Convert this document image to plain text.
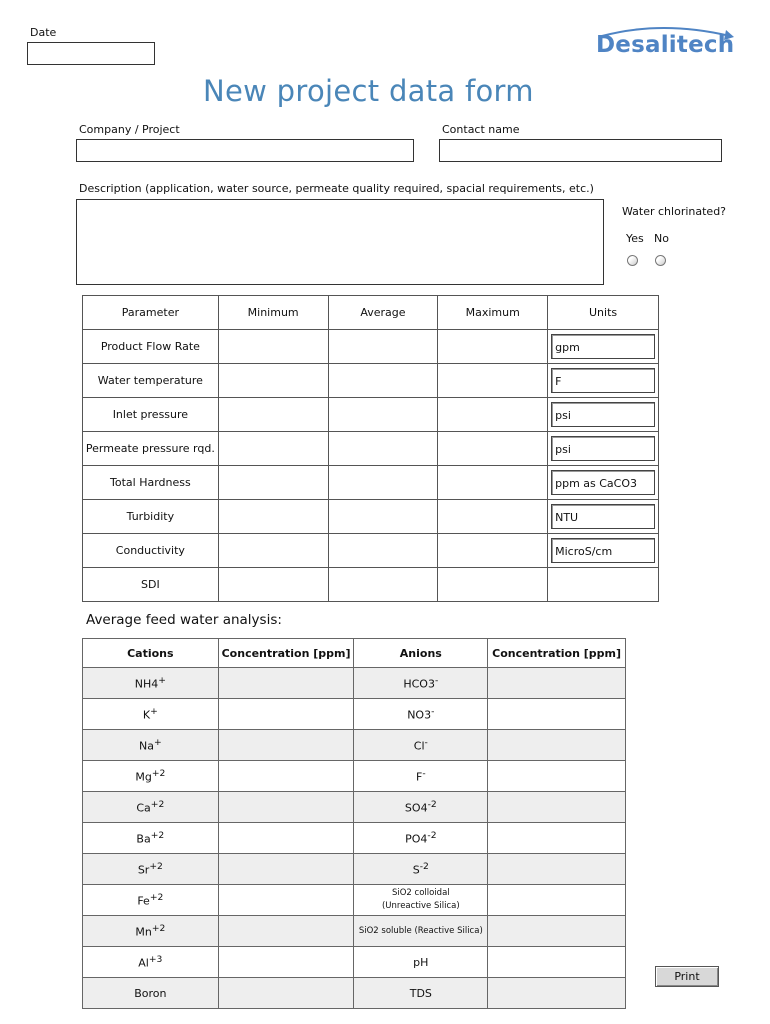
Date	Desalitech
New project data form
Company / Project	Contact name
Description (application, water source, permeate quality required, spacial requirements, etc.)
Water chlorinated?
Yes No
Parameter	Minimum	Average	Maximum	Units
Product Flow Rate				gpm

Water temperature				F

Inlet pressure				psi

Permeate pressure rqd.				psi

Total Hardness				ppm as CaCO3

Turbidity				NTU

Conductivity				MicroS/cm

SDI				
Average feed water analysis:
Cations	Concentration [ppm]	Anions	Concentration [ppm]
NH4+		HCO3-	
K+		NO3-	
Na+		Cl-	
$Mg^{+2}$		F-	
$Ca^{+2}$		$SO4^{-2}$	
$Ba^{+2}$		$PO4^{-2}$	
$Sr^{+2}$		$S^{-2}$	
$Fe^{+2}$		SiO2 colloidal
(Unreactive Silica)	
$Mn^{+2}$		SiO2 soluble (Reactive Silica)	
$Al^{+3}$		pH	
Boron		TDS	
Print
